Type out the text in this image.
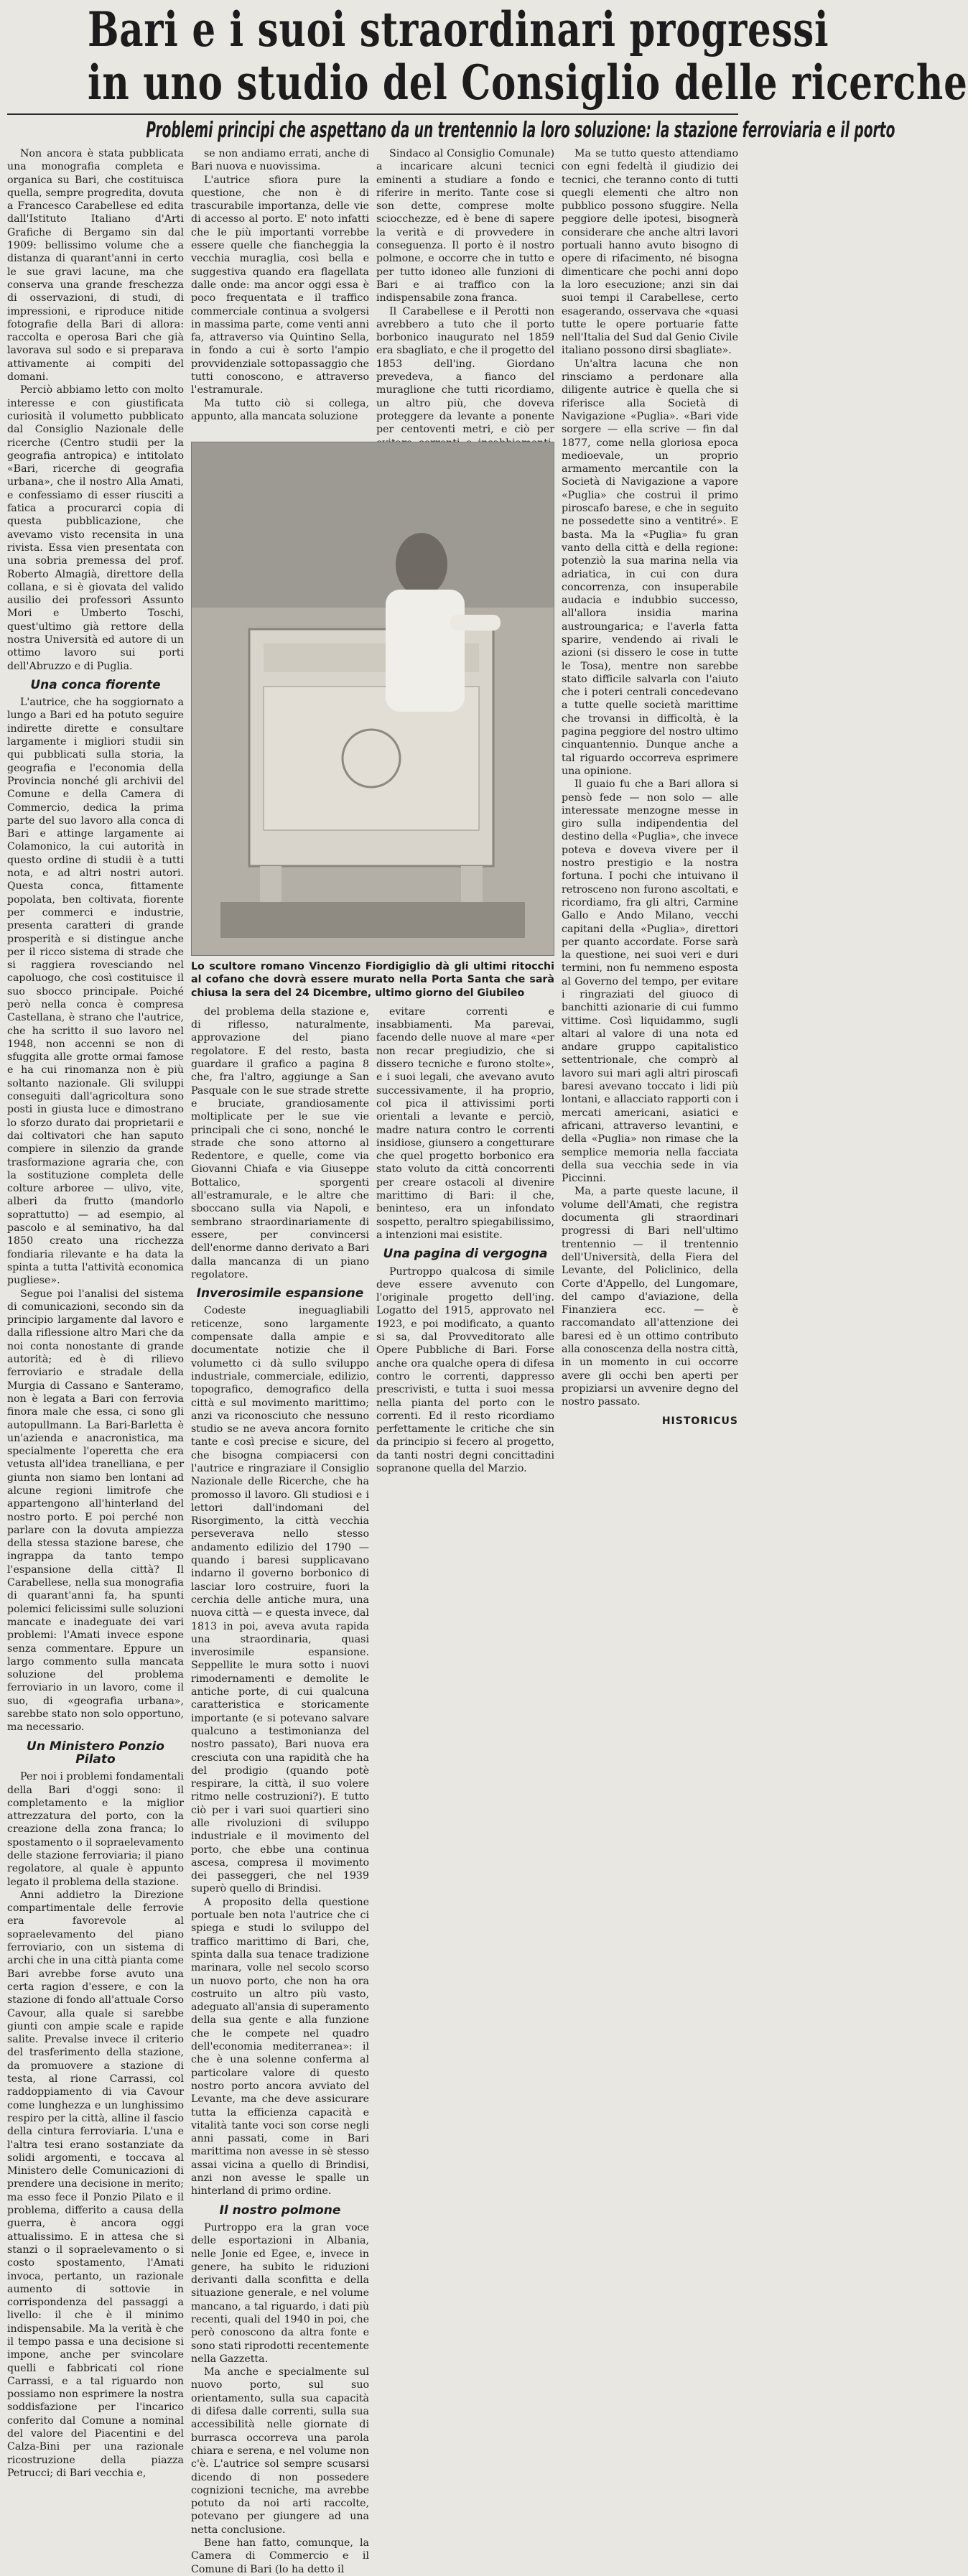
Bari e i suoi straordinari progressi
in uno studio del Consiglio delle ricerche
Problemi principi che aspettano da un trentennio la loro soluzione: la stazione ferroviaria e il porto

Non ancora è stata pubblicata una monografia completa e organica su Bari, che costituisca quella, sempre progredita, dovuta a Francesco Carabellese ed edita dall'Istituto Italiano d'Arti Grafiche di Bergamo sin dal 1909: bellissimo volume che a distanza di quarant'anni in certo le sue gravi lacune, ma che conserva una grande freschezza di osservazioni, di studi, di impressioni, e riproduce nitide fotografie della Bari di allora: raccolta e operosa Bari che già lavorava sul sodo e si preparava attivamente ai compiti del domani.

Perciò abbiamo letto con molto interesse e con giustificata curiosità il volumetto pubblicato dal Consiglio Nazionale delle ricerche (Centro studii per la geografia antropica) e intitolato «Bari, ricerche di geografia urbana», che il nostro Alla Amati, e confessiamo di esser riusciti a fatica a procurarci copia di questa pubblicazione, che avevamo visto recensita in una rivista. Essa vien presentata con una sobria premessa del prof. Roberto Almagià, direttore della collana, e si è giovata del valido ausilio dei professori Assunto Mori e Umberto Toschi, quest'ultimo già rettore della nostra Università ed autore di un ottimo lavoro sui porti dell'Abruzzo e di Puglia.

Una conca fiorente

L'autrice, che ha soggiornato a lungo a Bari ed ha potuto seguire indirette dirette e consultare largamente i migliori studii sin qui pubblicati sulla storia, la geografia e l'economia della Provincia nonché gli archivii del Comune e della Camera di Commercio, dedica la prima parte del suo lavoro alla conca di Bari e attinge largamente ai Colamonico, la cui autorità in questo ordine di studii è a tutti nota, e ad altri nostri autori. Questa conca, fittamente popolata, ben coltivata, fiorente per commerci e industrie, presenta caratteri di grande prosperità e si distingue anche per il ricco sistema di strade che si raggiera rovesciando nel capoluogo, che così costituisce il suo sbocco principale. Poiché però nella conca è compresa Castellana, è strano che l'autrice, che ha scritto il suo lavoro nel 1948, non accenni se non di sfuggita alle grotte ormai famose e ha cui rinomanza non è più soltanto nazionale. Gli sviluppi conseguiti dall'agricoltura sono posti in giusta luce e dimostrano lo sforzo durato dai proprietarii e dai coltivatori che han saputo compiere in silenzio da grande trasformazione agraria che, con la sostituzione completa delle colture arboree — ulivo, vite, alberi da frutto (mandorlo soprattutto) — ad esempio, al pascolo e al seminativo, ha dal 1850 creato una ricchezza fondiaria rilevante e ha data la spinta a tutta l'attività economica pugliese».

Segue poi l'analisi del sistema di comunicazioni, secondo sin da principio largamente dal lavoro e dalla riflessione altro Mari che da noi conta nonostante di grande autorità; ed è di rilievo ferroviario e stradale della Murgia di Cassano e Santeramo, non è legata a Bari con ferrovia finora male che essa, ci sono gli autopullmann. La Bari-Barletta è un'azienda e anacronistica, ma specialmente l'operetta che era vetusta all'idea tranelliana, e per giunta non siamo ben lontani ad alcune regioni limitrofe che appartengono all'hinterland del nostro porto. E poi perché non parlare con la dovuta ampiezza della stessa stazione barese, che ingrappa da tanto tempo l'espansione della città? Il Carabellese, nella sua monografia di quarant'anni fa, ha spunti polemici felicissimi sulle soluzioni mancate e inadeguate dei vari problemi: l'Amati invece espone senza commentare. Eppure un largo commento sulla mancata soluzione del problema ferroviario in un lavoro, come il suo, di «geografia urbana», sarebbe stato non solo opportuno, ma necessario.

Un Ministero Ponzio Pilato

Per noi i problemi fondamentali della Bari d'oggi sono: il completamento e la miglior attrezzatura del porto, con la creazione della zona franca; lo spostamento o il sopraelevamento delle stazione ferroviaria; il piano regolatore, al quale è appunto legato il problema della stazione.

Anni addietro la Direzione compartimentale delle ferrovie era favorevole al sopraelevamento del piano ferroviario, con un sistema di archi che in una città pianta come Bari avrebbe forse avuto una certa ragion d'essere, e con la stazione di fondo all'attuale Corso Cavour, alla quale si sarebbe giunti con ampie scale e rapide salite. Prevalse invece il criterio del trasferimento della stazione, da promuovere a stazione di testa, al rione Carrassi, col raddoppiamento di via Cavour come lunghezza e un lunghissimo respiro per la città, alline il fascio della cintura ferroviaria. L'una e l'altra tesi erano sostanziate da solidi argomenti, e toccava al Ministero delle Comunicazioni di prendere una decisione in merito; ma esso fece il Ponzio Pilato e il problema, differito a causa della guerra, è ancora oggi attualissimo. E in attesa che si stanzi o il sopraelevamento o si costo spostamento, l'Amati invoca, pertanto, un razionale aumento di sottovie in corrispondenza del passaggi a livello: il che è il minimo indispensabile. Ma la verità è che il tempo passa e una decisione si impone, anche per svincolare quelli e fabbricati col rione Carrassi, e a tal riguardo non possiamo non esprimere la nostra soddisfazione per l'incarico conferito dal Comune a nominal del valore del Piacentini e del Calza-Bini per una razionale ricostruzione della piazza Petrucci; di Bari vecchia e,

se non andiamo errati, anche di Bari nuova e nuovissima.

L'autrice sfiora pure la questione, che non è di trascurabile importanza, delle vie di accesso al porto. E' noto infatti che le più importanti vorrebbe essere quelle che fiancheggia la vecchia muraglia, così bella e suggestiva quando era flagellata dalle onde: ma ancor oggi essa è poco frequentata e il traffico commerciale continua a svolgersi in massima parte, come venti anni fa, attraverso via Quintino Sella, in fondo a cui è sorto l'ampio provvidenziale sottopassaggio che tutti conoscono, e attraverso l'estramurale.

Ma tutto ciò si collega, appunto, alla mancata soluzione

Sindaco al Consiglio Comunale) a incaricare alcuni tecnici eminenti a studiare a fondo e riferire in merito. Tante cose si son dette, comprese molte sciocchezze, ed è bene di sapere la verità e di provvedere in conseguenza. Il porto è il nostro polmone, e occorre che in tutto e per tutto idoneo alle funzioni di Bari e ai traffico con la indispensabile zona franca.

Il Carabellese e il Perotti non avrebbero a tuto che il porto borbonico inaugurato nel 1859 era sbagliato, e che il progetto del 1853 dell'ing. Giordano prevedeva, a fianco del muraglione che tutti ricordiamo, un altro più, che doveva proteggere da levante a ponente per centoventi metri, e ciò per

Lo scultore romano Vincenzo Fiordigiglio dà gli ultimi ritocchi al cofano che dovrà essere murato nella Porta Santa che sarà chiusa la sera del 24 Dicembre, ultimo giorno del Giubileo

del problema della stazione e, di riflesso, naturalmente, approvazione del piano regolatore. E del resto, basta guardare il grafico a pagina 8 che, fra l'altro, aggiunge a San Pasquale con le sue strade strette e bruciate, grandiosamente moltiplicate per le sue vie principali che ci sono, nonché le strade che sono attorno al Redentore, e quelle, come via Giovanni Chiafa e via Giuseppe Bottalico, sporgenti all'estramurale, e le altre che sboccano sulla via Napoli, e sembrano straordinariamente di essere, per convincersi dell'enorme danno derivato a Bari dalla mancanza di un piano regolatore.

Inverosimile espansione

Codeste ineguagliabili reticenze, sono largamente compensate dalla ampie e documentate notizie che il volumetto ci dà sullo sviluppo industriale, commerciale, edilizio, topografico, demografico della città e sul movimento marittimo; anzi va riconosciuto che nessuno studio se ne aveva ancora fornito tante e così precise e sicure, del che bisogna compiacersi con l'autrice e ringraziare il Consiglio Nazionale delle Ricerche, che ha promosso il lavoro. Gli studiosi e i lettori dall'indomani del Risorgimento, la città vecchia perseverava nello stesso andamento edilizio del 1790 — quando i baresi supplicavano indarno il governo borbonico di lasciar loro costruire, fuori la cerchia delle antiche mura, una nuova città — e questa invece, dal 1813 in poi, aveva avuta rapida una straordinaria, quasi inverosimile espansione. Seppellite le mura sotto i nuovi rimodernamenti e demolite le antiche porte, di cui qualcuna caratteristica e storicamente importante (e si potevano salvare qualcuno a testimonianza del nostro passato), Bari nuova era cresciuta con una rapidità che ha del prodigio (quando potè respirare, la città, il suo volere ritmo nelle costruzioni?). E tutto ciò per i vari suoi quartieri sino alle rivoluzioni di sviluppo industriale e il movimento del porto, che ebbe una continua ascesa, compresa il movimento dei passeggeri, che nel 1939 superò quello di Brindisi.

A proposito della questione portuale ben nota l'autrice che ci spiega e studi lo sviluppo del traffico marittimo di Bari, che, spinta dalla sua tenace tradizione marinara, volle nel secolo scorso un nuovo porto, che non ha ora costruito un altro più vasto, adeguato all'ansia di superamento della sua gente e alla funzione che le compete nel quadro dell'economia mediterranea»: il che è una solenne conferma al particolare valore di questo nostro porto ancora avviato del Levante, ma che deve assicurare tutta la efficienza capacità e vitalità tante voci son corse negli anni passati, come in Bari marittima non avesse in sè stesso assai vicina a quello di Brindisi, anzi non avesse le spalle un hinterland di primo ordine.

Il nostro polmone

Purtroppo era la gran voce delle esportazioni in Albania, nelle Jonie ed Egee, e, invece in genere, ha subito le riduzioni derivanti dalla sconfitta e della situazione generale, e nel volume mancano, a tal riguardo, i dati più recenti, quali del 1940 in poi, che però conoscono da altra fonte e sono stati riprodotti recentemente nella Gazzetta.

Ma anche e specialmente sul nuovo porto, sul suo orientamento, sulla sua capacità di difesa dalle correnti, sulla sua accessibilità nelle giornate di burrasca occorreva una parola chiara e serena, e nel volume non c'è. L'autrice sol sempre scusarsi dicendo di non possedere cognizioni tecniche, ma avrebbe potuto da noi arti raccolte, potevano per giungere ad una netta conclusione.

Bene han fatto, comunque, la Camera di Commercio e il Comune di Bari (lo ha detto il

evitare correnti e insabbiamenti. Ma parevai, facendo delle nuove al mare «per non recar pregiudizio, che si dissero tecniche e furono stolte», e i suoi legali, che avevano avuto successivamente, il ha proprio, col pica il attivissimi porti orientali a levante e perciò, madre natura contro le correnti insidiose, giunsero a congetturare che quel progetto borbonico era stato voluto da città concorrenti per creare ostacoli al divenire marittimo di Bari: il che, beninteso, era un infondato sospetto, peraltro spiegabilissimo, a intenzioni mai esistite.

Una pagina di vergogna

Purtroppo qualcosa di simile deve essere avvenuto con l'originale progetto dell'ing. Logatto del 1915, approvato nel 1923, e poi modificato, a quanto si sa, dal Provveditorato alle Opere Pubbliche di Bari. Forse anche ora qualche opera di difesa contro le correnti, dappresso prescrivisti, e tutta i suoi messa nella pianta del porto con le correnti. Ed il resto ricordiamo perfettamente le critiche che sin da principio si fecero al progetto, da tanti nostri degni concittadini sopranone quella del Marzio.

Ma se tutto questo attendiamo con egni fedeltà il giudizio dei tecnici, che teranno conto di tutti quegli elementi che altro non pubblico possono sfuggire. Nella peggiore delle ipotesi, bisognerà considerare che anche altri lavori portuali hanno avuto bisogno di opere di rifacimento, né bisogna dimenticare che pochi anni dopo la loro esecuzione; anzi sin dai suoi tempi il Carabellese, certo esagerando, osservava che «quasi tutte le opere portuarie fatte nell'Italia del Sud dal Genio Civile italiano possono dirsi sbagliate».

Un'altra lacuna che non rinsciamo a perdonare alla diligente autrice è quella che si riferisce alla Società di Navigazione «Puglia». «Bari vide sorgere — ella scrive — fin dal 1877, come nella gloriosa epoca medioevale, un proprio armamento mercantile con la Società di Navigazione a vapore «Puglia» che costruì il primo piroscafo barese, e che in seguito ne possedette sino a ventitré». E basta. Ma la «Puglia» fu gran vanto della città e della regione: potenziò la sua marina nella via adriatica, in cui con dura concorrenza, con insuperabile audacia e indubbio successo, all'allora insidia marina austroungarica; e l'averla fatta sparire, vendendo ai rivali le azioni (si dissero le cose in tutte le Tosa), mentre non sarebbe stato difficile salvarla con l'aiuto che i poteri centrali concedevano a tutte quelle società marittime che trovansi in difficoltà, è la pagina peggiore del nostro ultimo cinquantennio. Dunque anche a tal riguardo occorreva esprimere una opinione.

Il guaio fu che a Bari allora si pensò fede — non solo — alle interessate menzogne messe in giro sulla indipendentia del destino della «Puglia», che invece poteva e doveva vivere per il nostro prestigio e la nostra fortuna. I pochi che intuivano il retrosceno non furono ascoltati, e ricordiamo, fra gli altri, Carmine Gallo e Ando Milano, vecchi capitani della «Puglia», direttori per quanto accordate. Forse sarà la questione, nei suoi veri e duri termini, non fu nemmeno esposta al Governo del tempo, per evitare i ringraziati del giuoco di banchitti azionarie di cui fummo vittime. Così liquidammo, sugli altari al valore di una nota ed andare gruppo capitalistico settentrionale, che comprò al lavoro sui mari agli altri piroscafi baresi avevano toccato i lidi più lontani, e allacciato rapporti con i mercati americani, asiatici e africani, attraverso levantini, e della «Puglia» non rimase che la semplice memoria nella facciata della sua vecchia sede in via Piccinni.

Ma, a parte queste lacune, il volume dell'Amati, che registra documenta gli straordinari progressi di Bari nell'ultimo trentennio — il trentennio dell'Università, della Fiera del Levante, del Policlinico, della Corte d'Appello, del Lungomare, del campo d'aviazione, della Finanziera ecc. — è raccomandato all'attenzione dei baresi ed è un ottimo contributo alla conoscenza della nostra città, in un momento in cui occorre avere gli occhi ben aperti per propiziarsi un avvenire degno del nostro passato.

HISTORICUS
